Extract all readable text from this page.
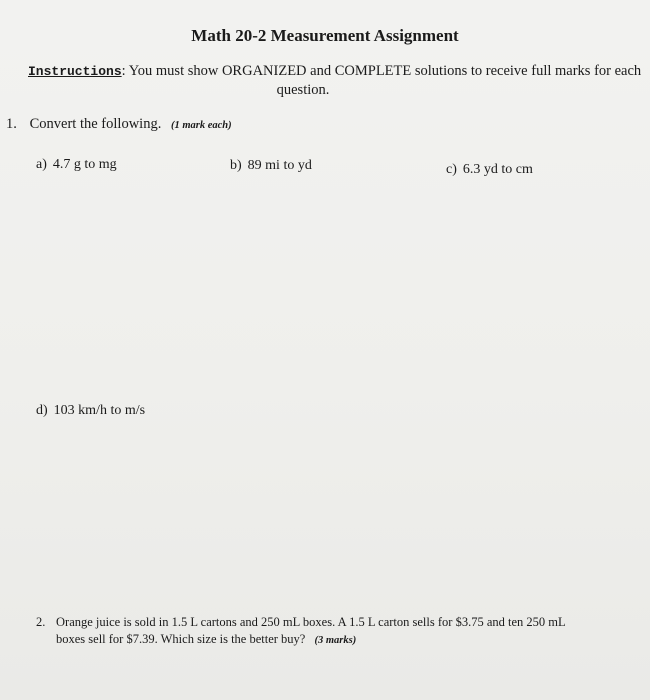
Math 20-2 Measurement Assignment
Instructions: You must show ORGANIZED and COMPLETE solutions to receive full marks for each
question.
1. Convert the following. (1 mark each)
a) 4.7 g to mg	b) 89 mi to yd	c) 6.3 yd to cm
d) 103 km/h to m/s
2. Orange juice is sold in 1.5 L cartons and 250 mL boxes. A 1.5 L carton sells for $3.75 and ten 250 mL
boxes sell for $7.39. Which size is the better buy? (3 marks)
